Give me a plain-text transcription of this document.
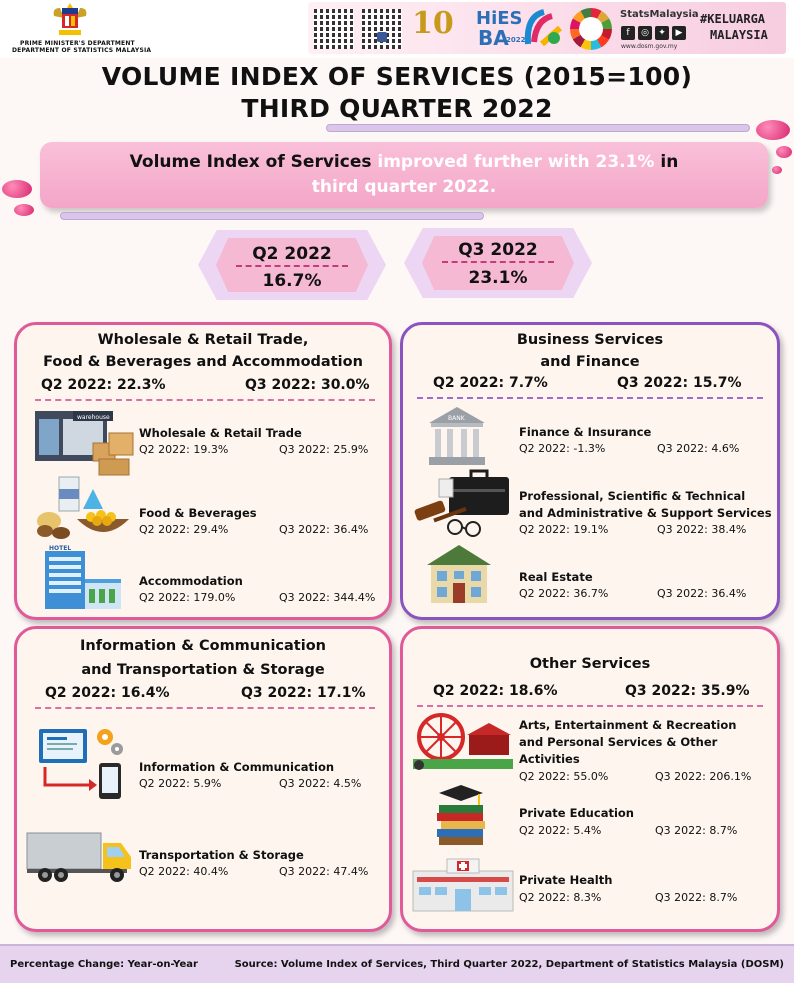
PRIME MINISTER'S DEPARTMENT
DEPARTMENT OF STATISTICS MALAYSIA
10 HiES
BA
2022
StatsMalaysia
f	◎	✦	▶
www.dosm.gov.my
#KELUARGA
MALAYSIA
VOLUME INDEX OF SERVICES (2015=100)
THIRD QUARTER 2022
Volume Index of Services improved further with 23.1% in
third quarter 2022.
Q2 2022
16.7%
Q3 2022
23.1%
Wholesale & Retail Trade,
Food & Beverages and Accommodation
Q2 2022: 22.3%	Q3 2022: 30.0%
warehouse
Wholesale & Retail Trade
Q2 2022: 19.3%	Q3 2022: 25.9%
Food & Beverages
Q2 2022: 29.4%	Q3 2022: 36.4%
HOTEL
Accommodation
Q2 2022: 179.0%	Q3 2022: 344.4%
Business Services
and Finance
Q2 2022: 7.7%	Q3 2022: 15.7%
BANK
Finance & Insurance
Q2 2022: -1.3%	Q3 2022: 4.6%
Professional, Scientific & Technical
and Administrative & Support Services
Q2 2022: 19.1%	Q3 2022: 38.4%
Real Estate
Q2 2022: 36.7%	Q3 2022: 36.4%
Information & Communication
and Transportation & Storage
Q2 2022: 16.4%	Q3 2022: 17.1%
Information & Communication
Q2 2022: 5.9%	Q3 2022: 4.5%
Transportation & Storage
Q2 2022: 40.4%	Q3 2022: 47.4%
Other Services
Q2 2022: 18.6%	Q3 2022: 35.9%
Arts, Entertainment & Recreation
and Personal Services & Other
Activities
Q2 2022: 55.0%	Q3 2022: 206.1%
Private Education
Q2 2022: 5.4%	Q3 2022: 8.7%
Private Health
Q2 2022: 8.3%	Q3 2022: 8.7%
Percentage Change: Year-on-Year	Source: Volume Index of Services, Third Quarter 2022, Department of Statistics Malaysia (DOSM)
